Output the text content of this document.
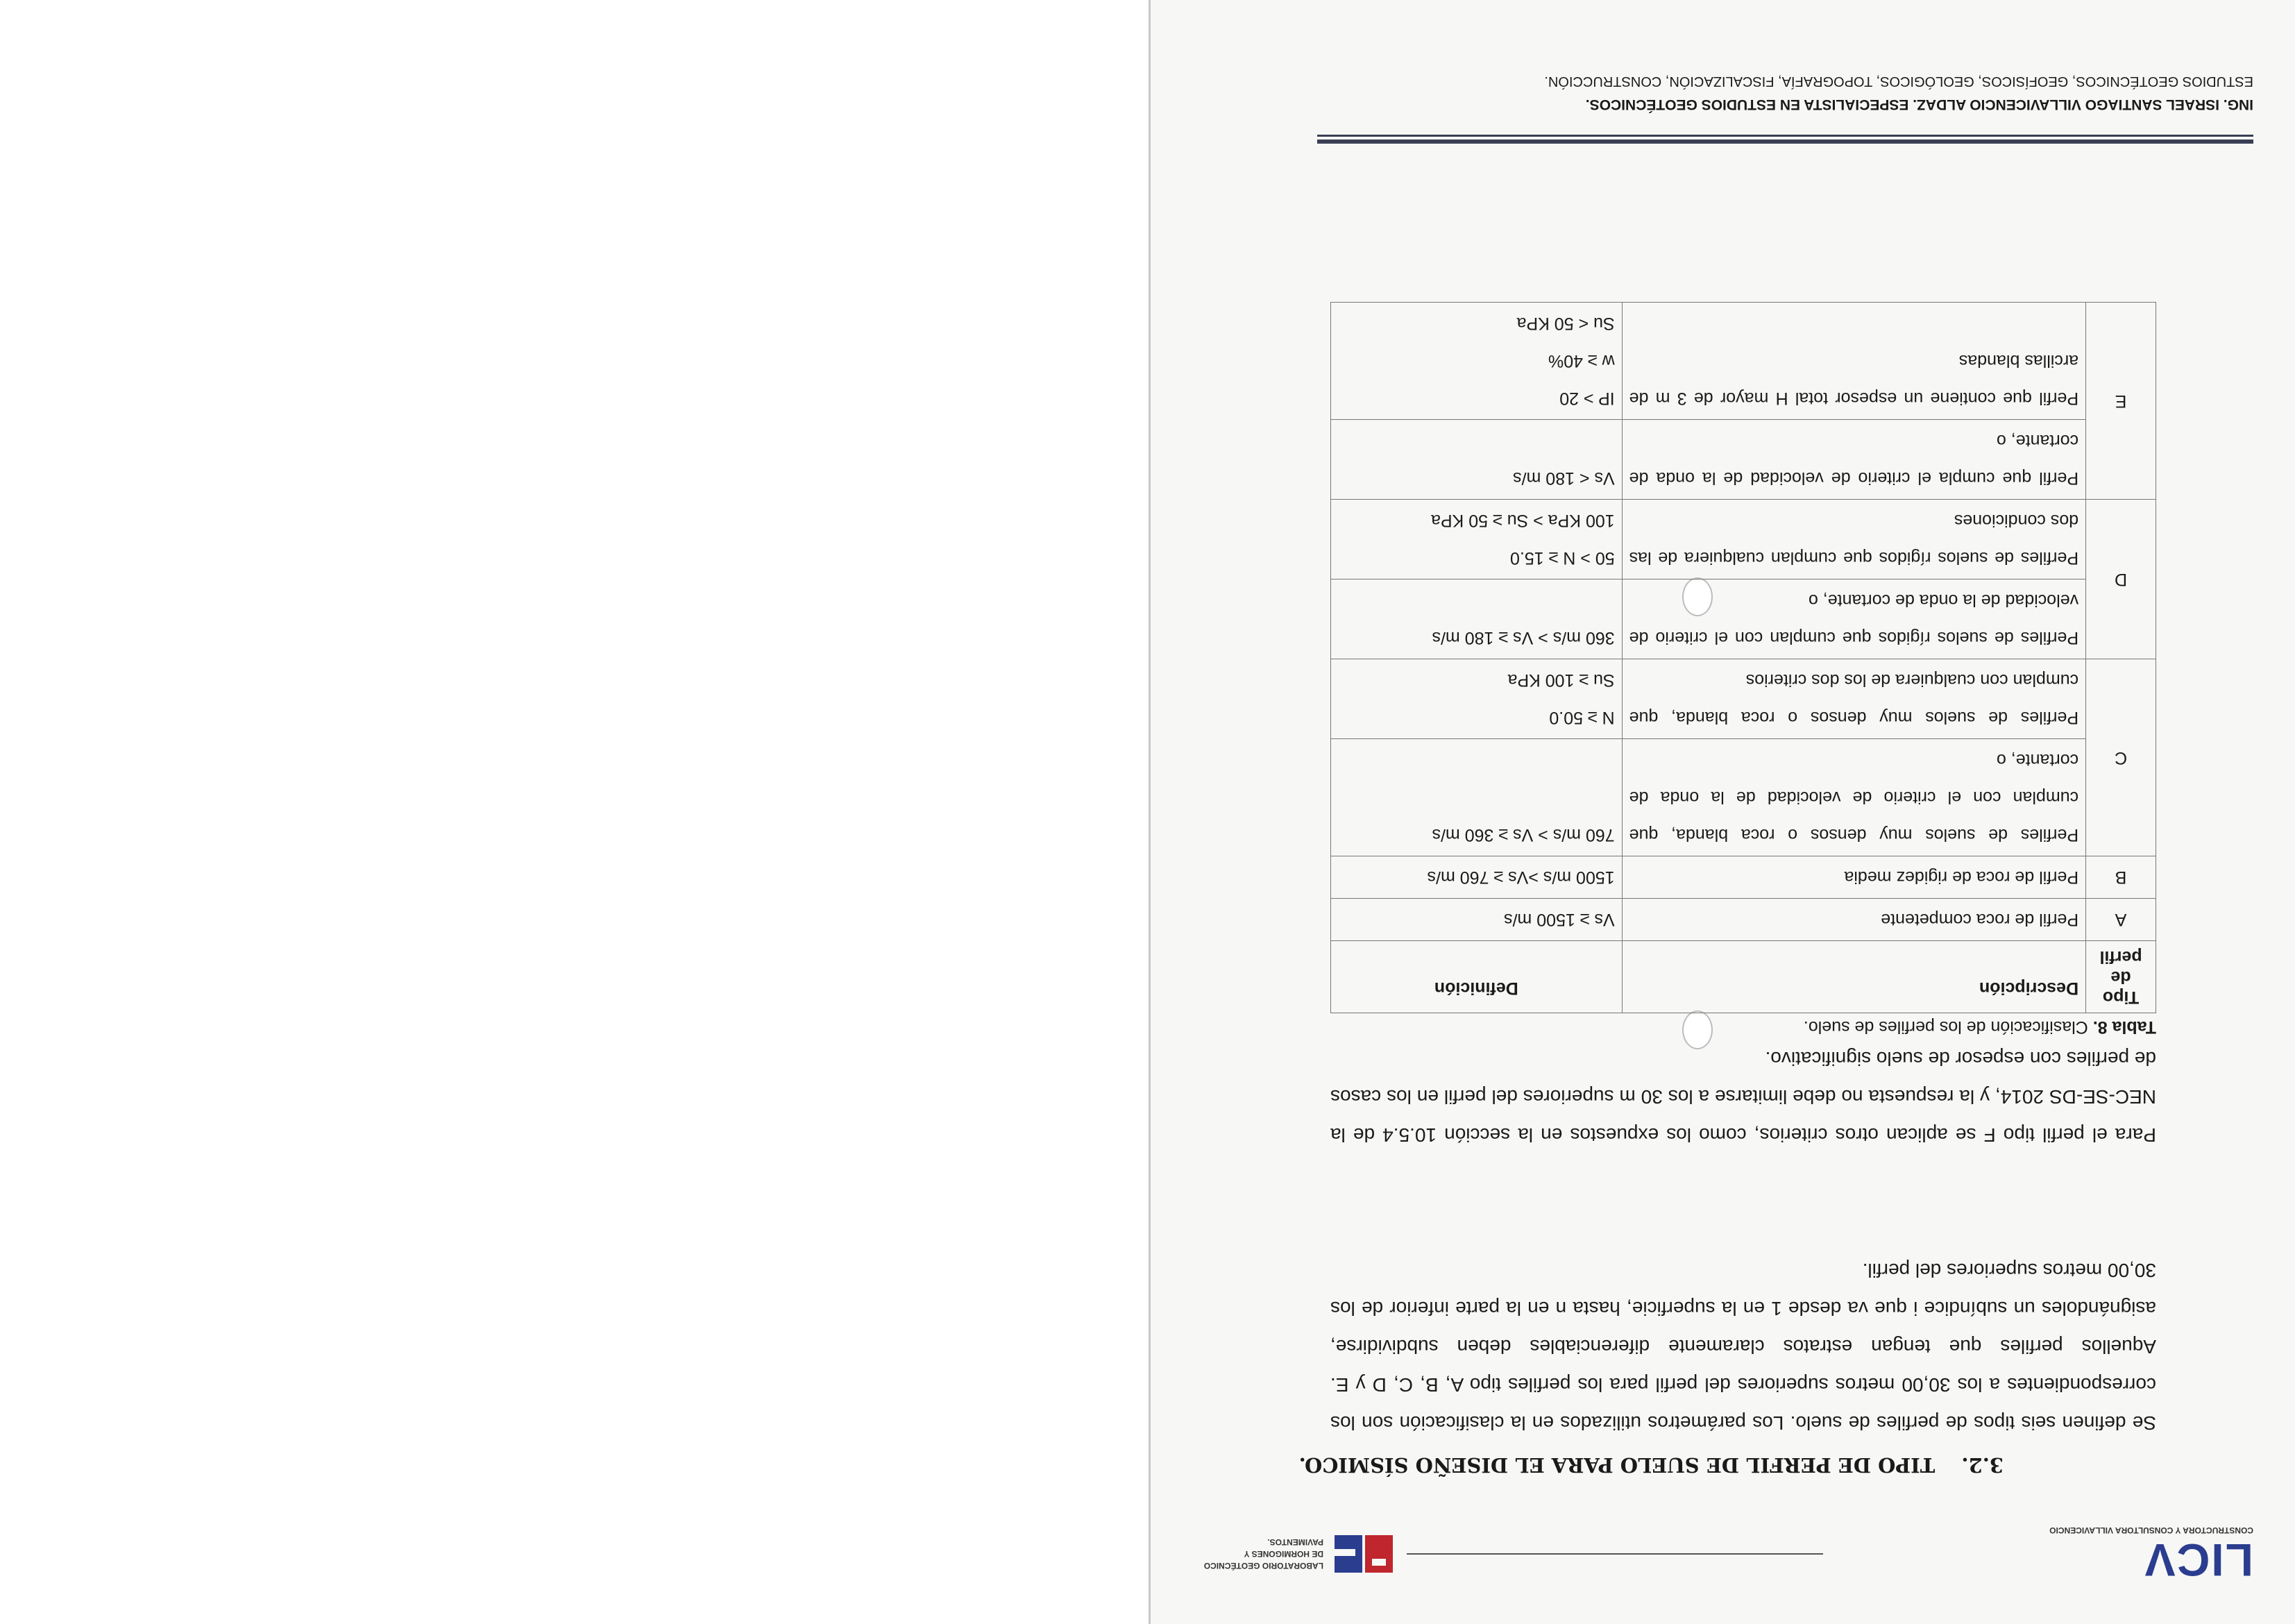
LICV
CONSTRUCTORA Y CONSULTORA VILLAVICENCIO
LABORATORIO GEOTÉCNICO DE HORMIGONES Y PAVIMENTOS.
3.2. TIPO DE PERFIL DE SUELO PARA EL DISEÑO SÍSMICO.
Se definen seis tipos de perfiles de suelo. Los parámetros utilizados en la clasificación son los correspondientes a los 30,00 metros superiores del perfil para los perfiles tipo A, B, C, D y E. Aquellos perfiles que tengan estratos claramente diferenciables deben subdividirse, asignándoles un subíndice i que va desde 1 en la superficie, hasta n en la parte inferior de los 30,00 metros superiores del perfil.
Para el perfil tipo F se aplican otros criterios, como los expuestos en la sección 10.5.4 de la NEC-SE-DS 2014, y la respuesta no debe limitarse a los 30 m superiores del perfil en los casos de perfiles con espesor de suelo significativo.
Tabla 8. Clasificación de los perfiles de suelo.
Tipo de perfil	Descripción	Definición
A	Perfil de roca competente	Vs ≥ 1500 m/s

B	Perfil de roca de rigidez media	1500 m/s >Vs ≥ 760 m/s

C	Perfiles de suelos muy densos o roca blanda, que cumplan con el criterio de velocidad de la onda de cortante, o	760 m/s > Vs ≥ 360 m/s

	Perfiles de suelos muy densos o roca blanda, que cumplan con cualquiera de los dos criterios	N ≥ 50.0
Su ≥ 100 KPa

D	Perfiles de suelos rígidos que cumplan con el criterio de velocidad de la onda de cortante, o	360 m/s > Vs ≥ 180 m/s

	Perfiles de suelos rígidos que cumplan cualquiera de las dos condiciones	50 > N ≥ 15.0
100 KPa > Su ≥ 50 KPa

E	Perfil que cumpla el criterio de velocidad de la onda de cortante, o	Vs < 180 m/s

	Perfil que contiene un espesor total H mayor de 3 m de arcillas blandas	IP > 20
w ≥ 40%
Su < 50 KPa
ING. ISRAEL SANTIAGO VILLAVICENCIO ALDAZ. ESPECIALISTA EN ESTUDIOS GEOTÉCNICOS.
ESTUDIOS GEOTÉCNICOS, GEOFÍSICOS, GEOLÓGICOS, TOPOGRAFÍA, FISCALIZACIÓN, CONSTRUCCIÓN.
